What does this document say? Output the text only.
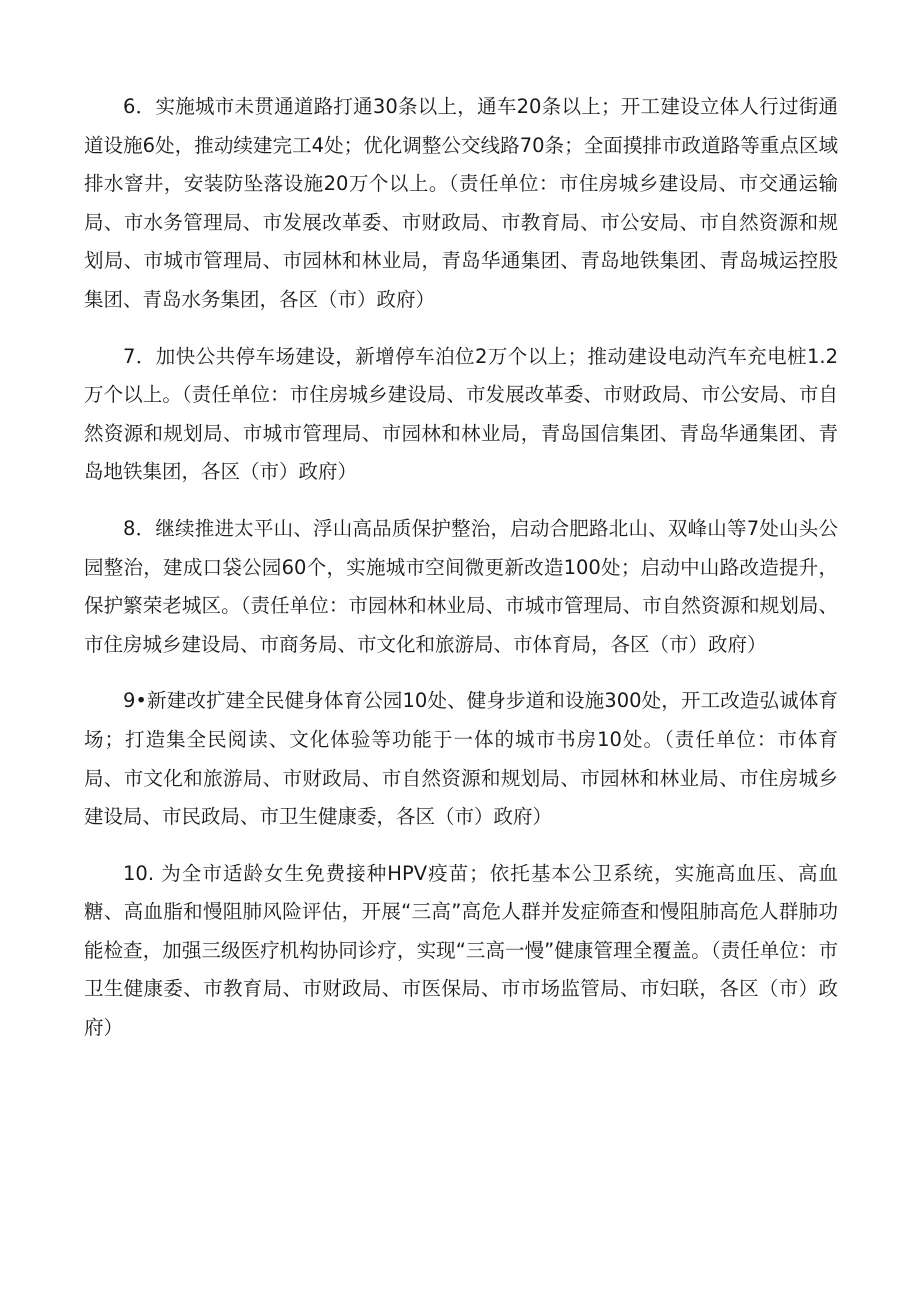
6．实施城市未贯通道路打通30条以上，通车20条以上；开工建设立体人行过街通道设施6处，推动续建完工4处；优化调整公交线路70条；全面摸排市政道路等重点区域排水窨井，安装防坠落设施20万个以上。（责任单位：市住房城乡建设局、市交通运输局、市水务管理局、市发展改革委、市财政局、市教育局、市公安局、市自然资源和规划局、市城市管理局、市园林和林业局，青岛华通集团、青岛地铁集团、青岛城运控股集团、青岛水务集团，各区（市）政府）

7．加快公共停车场建设，新增停车泊位2万个以上；推动建设电动汽车充电桩1.2万个以上。（责任单位：市住房城乡建设局、市发展改革委、市财政局、市公安局、市自然资源和规划局、市城市管理局、市园林和林业局，青岛国信集团、青岛华通集团、青岛地铁集团，各区（市）政府）

8．继续推进太平山、浮山高品质保护整治，启动合肥路北山、双峰山等7处山头公园整治，建成口袋公园60个，实施城市空间微更新改造100处；启动中山路改造提升，保护繁荣老城区。（责任单位：市园林和林业局、市城市管理局、市自然资源和规划局、市住房城乡建设局、市商务局、市文化和旅游局、市体育局，各区（市）政府）

9•新建改扩建全民健身体育公园10处、健身步道和设施300处，开工改造弘诚体育场；打造集全民阅读、文化体验等功能于一体的城市书房10处。（责任单位：市体育局、市文化和旅游局、市财政局、市自然资源和规划局、市园林和林业局、市住房城乡建设局、市民政局、市卫生健康委，各区（市）政府）

10. 为全市适龄女生免费接种HPV疫苗；依托基本公卫系统，实施高血压、高血糖、高血脂和慢阻肺风险评估，开展“三高”高危人群并发症筛查和慢阻肺高危人群肺功能检查，加强三级医疗机构协同诊疗，实现“三高一慢”健康管理全覆盖。（责任单位：市卫生健康委、市教育局、市财政局、市医保局、市市场监管局、市妇联，各区（市）政府）
